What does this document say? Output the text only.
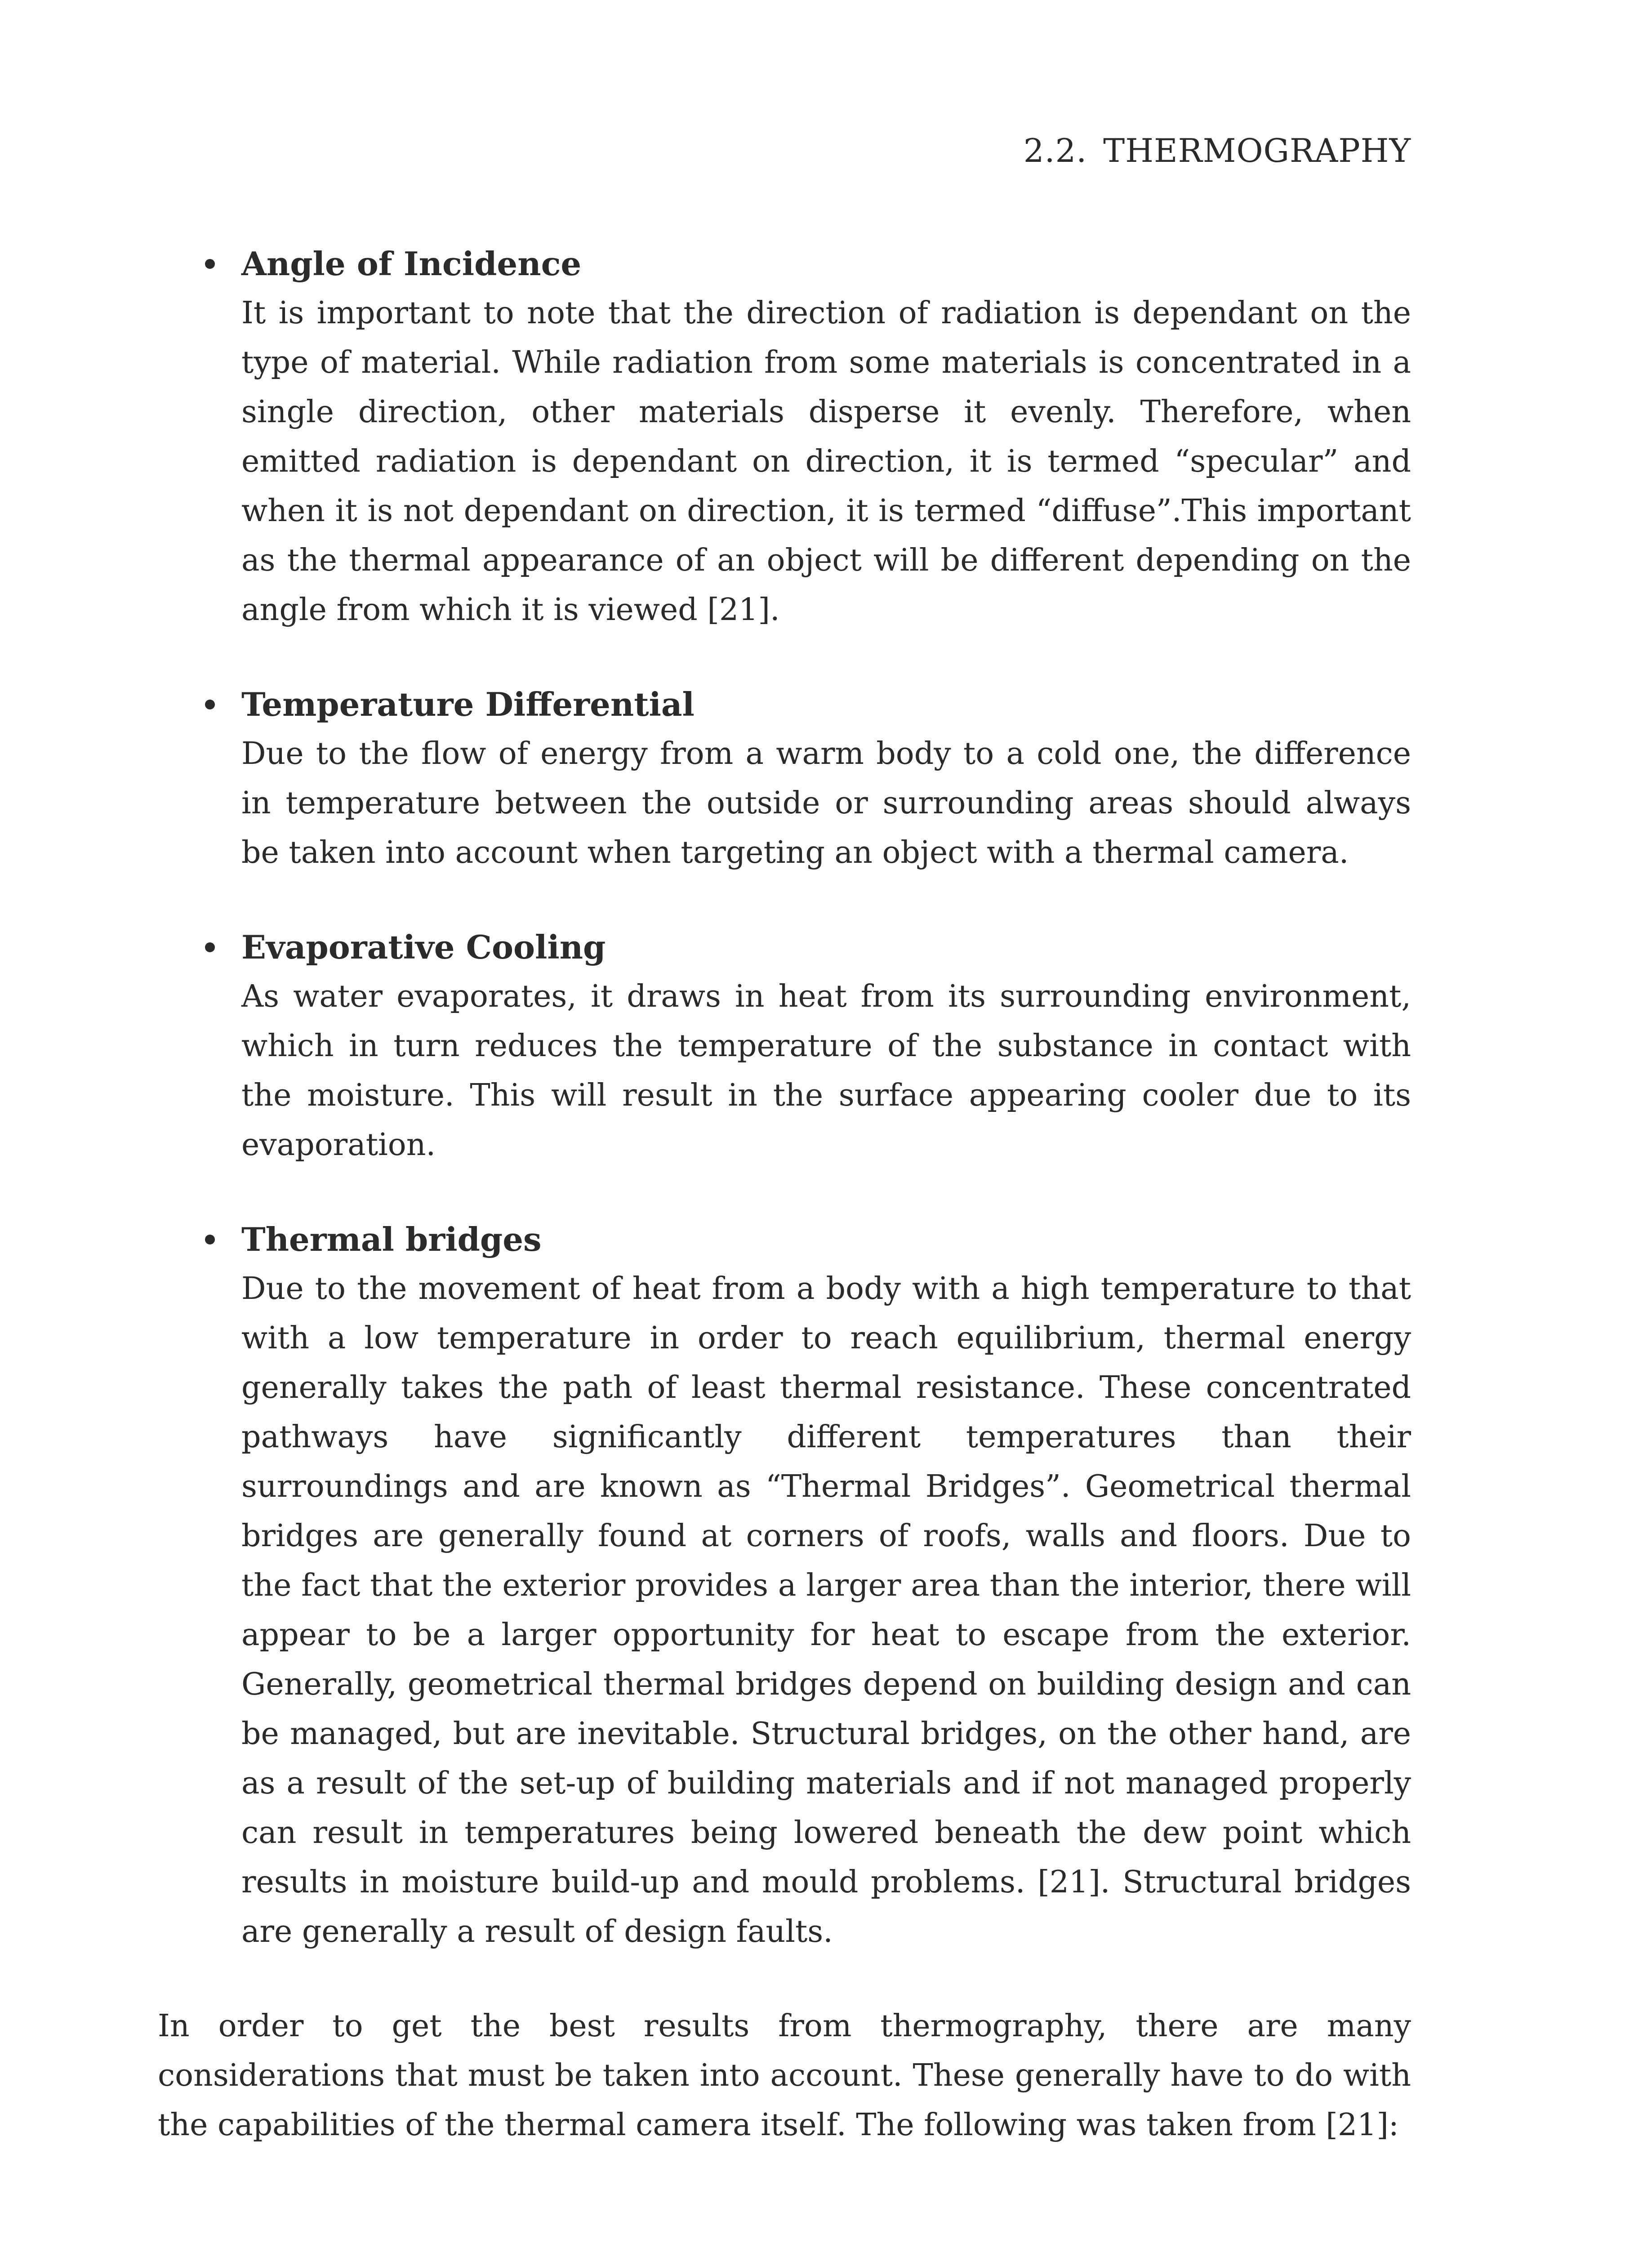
2.2. THERMOGRAPHY

Angle of Incidence

It is important to note that the direction of radiation is dependant on the type of material. While radiation from some materials is concentrated in a single direction, other materials disperse it evenly. Therefore, when emitted radiation is dependant on direction, it is termed “specular” and when it is not dependant on direction, it is termed “diffuse”.This important as the thermal appearance of an object will be different depending on the angle from which it is viewed [21].

Temperature Differential

Due to the flow of energy from a warm body to a cold one, the difference in temperature between the outside or surrounding areas should always be taken into account when targeting an object with a thermal camera.

Evaporative Cooling

As water evaporates, it draws in heat from its surrounding environment, which in turn reduces the temperature of the substance in contact with the moisture. This will result in the surface appearing cooler due to its evaporation.

Thermal bridges

Due to the movement of heat from a body with a high temperature to that with a low temperature in order to reach equilibrium, thermal energy generally takes the path of least thermal resistance. These concentrated pathways have significantly different temperatures than their surroundings and are known as “Thermal Bridges”. Geometrical thermal bridges are generally found at corners of roofs, walls and floors. Due to the fact that the exterior provides a larger area than the interior, there will appear to be a larger opportunity for heat to escape from the exterior. Generally, geometrical thermal bridges depend on building design and can be managed, but are inevitable. Structural bridges, on the other hand, are as a result of the set-up of building materials and if not managed properly can result in temperatures being lowered beneath the dew point which results in moisture build-up and mould problems. [21]. Structural bridges are generally a result of design faults.

In order to get the best results from thermography, there are many considerations that must be taken into account. These generally have to do with the capabilities of the thermal camera itself. The following was taken from [21]:
